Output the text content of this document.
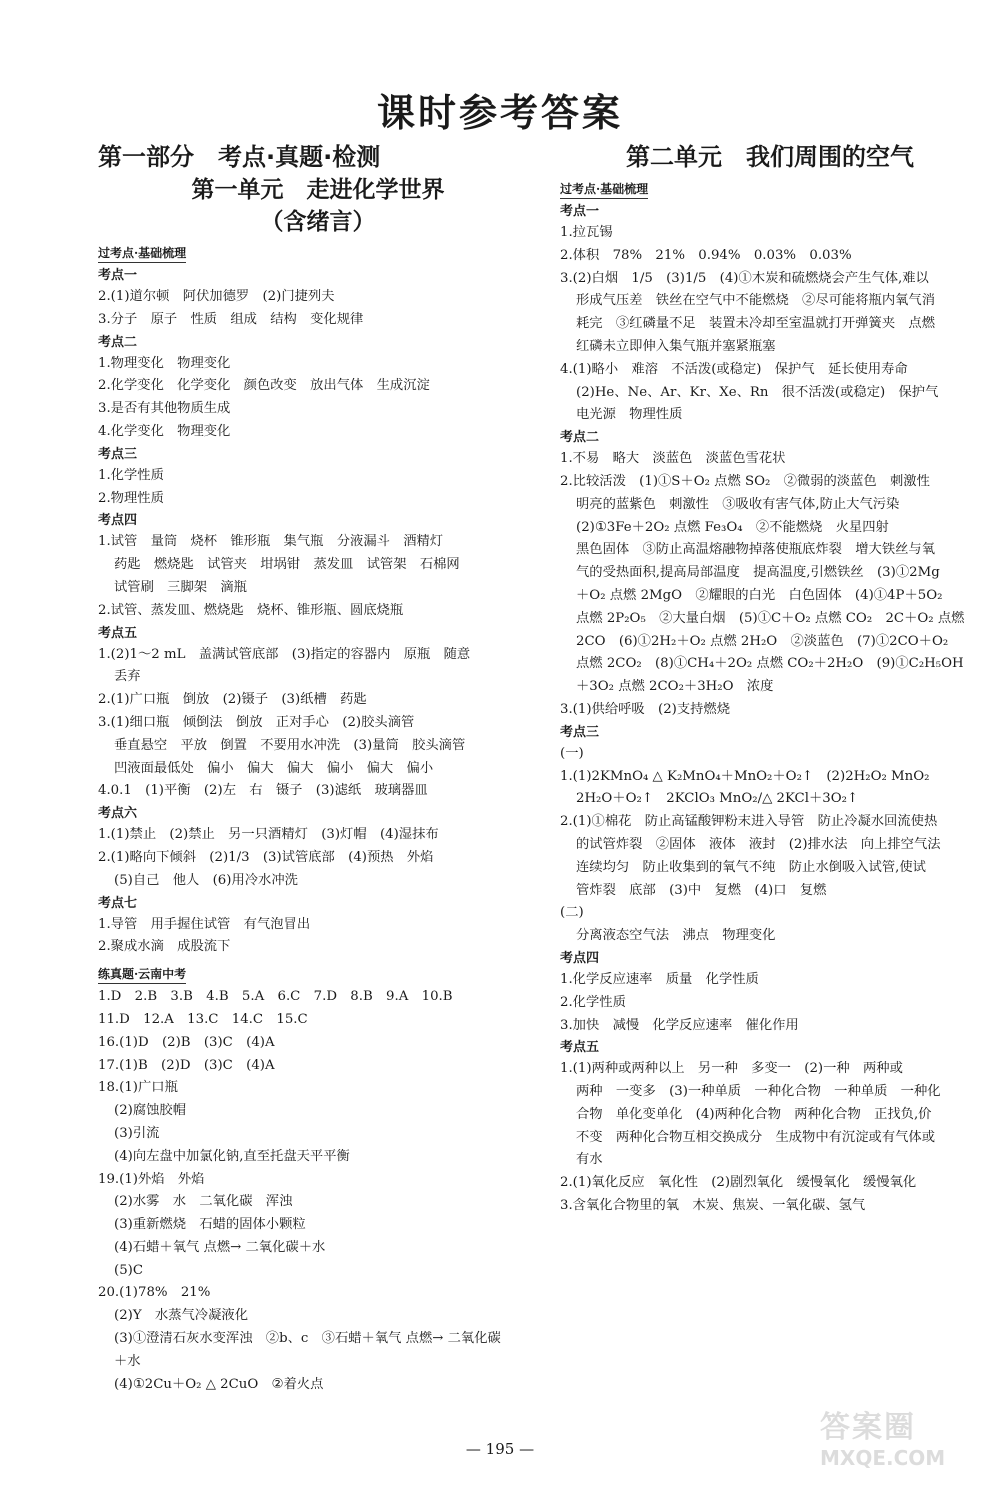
课时参考答案
第一部分　考点·真题·检测
第一单元　走进化学世界
（含绪言）
过考点·基础梳理
考点一
2.(1)道尔顿　阿伏加德罗　(2)门捷列夫
3.分子　原子　性质　组成　结构　变化规律
考点二
1.物理变化　物理变化
2.化学变化　化学变化　颜色改变　放出气体　生成沉淀
3.是否有其他物质生成
4.化学变化　物理变化
考点三
1.化学性质
2.物理性质
考点四
1.试管　量筒　烧杯　锥形瓶　集气瓶　分液漏斗　酒精灯
药匙　燃烧匙　试管夹　坩埚钳　蒸发皿　试管架　石棉网
试管刷　三脚架　滴瓶
2.试管、蒸发皿、燃烧匙　烧杯、锥形瓶、圆底烧瓶
考点五
1.(2)1～2 mL　盖满试管底部　(3)指定的容器内　原瓶　随意
丢弃
2.(1)广口瓶　倒放　(2)镊子　(3)纸槽　药匙
3.(1)细口瓶　倾倒法　倒放　正对手心　(2)胶头滴管
垂直悬空　平放　倒置　不要用水冲洗　(3)量筒　胶头滴管
凹液面最低处　偏小　偏大　偏大　偏小　偏大　偏小
4.0.1　(1)平衡　(2)左　右　镊子　(3)滤纸　玻璃器皿
考点六
1.(1)禁止　(2)禁止　另一只酒精灯　(3)灯帽　(4)湿抹布
2.(1)略向下倾斜　(2)1/3　(3)试管底部　(4)预热　外焰
(5)自己　他人　(6)用冷水冲洗
考点七
1.导管　用手握住试管　有气泡冒出
2.聚成水滴　成股流下
练真题·云南中考
1.D　2.B　3.B　4.B　5.A　6.C　7.D　8.B　9.A　10.B
11.D　12.A　13.C　14.C　15.C
16.(1)D　(2)B　(3)C　(4)A
17.(1)B　(2)D　(3)C　(4)A
18.(1)广口瓶
(2)腐蚀胶帽
(3)引流
(4)向左盘中加氯化钠,直至托盘天平平衡
19.(1)外焰　外焰
(2)水雾　水　二氧化碳　浑浊
(3)重新燃烧　石蜡的固体小颗粒
(4)石蜡＋氧气 点燃→ 二氧化碳＋水
(5)C
20.(1)78%　21%
(2)Y　水蒸气冷凝液化
(3)①澄清石灰水变浑浊　②b、c　③石蜡＋氧气 点燃→ 二氧化碳
＋水
(4)①2Cu＋O₂ △ 2CuO　②着火点
第二单元　我们周围的空气
过考点·基础梳理
考点一
1.拉瓦锡
2.体积　78%　21%　0.94%　0.03%　0.03%
3.(2)白烟　1/5　(3)1/5　(4)①木炭和硫燃烧会产生气体,难以
形成气压差　铁丝在空气中不能燃烧　②尽可能将瓶内氧气消
耗完　③红磷量不足　装置未冷却至室温就打开弹簧夹　点燃
红磷未立即伸入集气瓶并塞紧瓶塞
4.(1)略小　难溶　不活泼(或稳定)　保护气　延长使用寿命
(2)He、Ne、Ar、Kr、Xe、Rn　很不活泼(或稳定)　保护气
电光源　物理性质
考点二
1.不易　略大　淡蓝色　淡蓝色雪花状
2.比较活泼　(1)①S＋O₂ 点燃 SO₂　②微弱的淡蓝色　刺激性
明亮的蓝紫色　刺激性　③吸收有害气体,防止大气污染
(2)①3Fe＋2O₂ 点燃 Fe₃O₄　②不能燃烧　火星四射
黑色固体　③防止高温熔融物掉落使瓶底炸裂　增大铁丝与氧
气的受热面积,提高局部温度　提高温度,引燃铁丝　(3)①2Mg
＋O₂ 点燃 2MgO　②耀眼的白光　白色固体　(4)①4P＋5O₂
点燃 2P₂O₅　②大量白烟　(5)①C＋O₂ 点燃 CO₂　2C＋O₂ 点燃
2CO　(6)①2H₂＋O₂ 点燃 2H₂O　②淡蓝色　(7)①2CO＋O₂
点燃 2CO₂　(8)①CH₄＋2O₂ 点燃 CO₂＋2H₂O　(9)①C₂H₅OH
＋3O₂ 点燃 2CO₂＋3H₂O　浓度
3.(1)供给呼吸　(2)支持燃烧
考点三
(一)
1.(1)2KMnO₄ △ K₂MnO₄＋MnO₂＋O₂↑　(2)2H₂O₂ MnO₂
2H₂O＋O₂↑　2KClO₃ MnO₂/△ 2KCl＋3O₂↑
2.(1)①棉花　防止高锰酸钾粉末进入导管　防止冷凝水回流使热
的试管炸裂　②固体　液体　液封　(2)排水法　向上排空气法
连续均匀　防止收集到的氧气不纯　防止水倒吸入试管,使试
管炸裂　底部　(3)中　复燃　(4)口　复燃
(二)
分离液态空气法　沸点　物理变化
考点四
1.化学反应速率　质量　化学性质
2.化学性质
3.加快　减慢　化学反应速率　催化作用
考点五
1.(1)两种或两种以上　另一种　多变一　(2)一种　两种或
两种　一变多　(3)一种单质　一种化合物　一种单质　一种化
合物　单化变单化　(4)两种化合物　两种化合物　正找负,价
不变　两种化合物互相交换成分　生成物中有沉淀或有气体或
有水
2.(1)氧化反应　氧化性　(2)剧烈氧化　缓慢氧化　缓慢氧化
3.含氧化合物里的氧　木炭、焦炭、一氧化碳、氢气
— 195 —
答案圈
MXQE.COM
